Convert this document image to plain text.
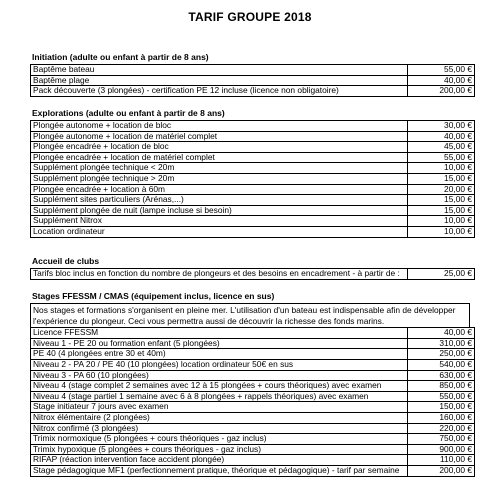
TARIF GROUPE 2018
Initiation (adulte ou enfant à partir de 8 ans)
Baptême bateau	55,00 €
Baptême plage	40,00 €
Pack découverte (3 plongées) - certification PE 12 incluse (licence non obligatoire)	200,00 €
Explorations (adulte ou enfant à partir de 8 ans)
Plongée autonome + location de bloc	30,00 €
Plongée autonome + location de matériel complet	40,00 €
Plongée encadrée + location de bloc	45,00 €
Plongée encadrée + location de matériel complet	55,00 €
Supplément plongée technique < 20m	10,00 €
Supplément plongée technique > 20m	15,00 €
Plongée encadrée + location à 60m	20,00 €
Supplément sites particuliers (Arénas,...)	15,00 €
Supplément plongée de nuit (lampe incluse si besoin)	15,00 €
Supplément Nitrox	10,00 €
Location ordinateur	10,00 €
Accueil de clubs
Tarifs bloc inclus en fonction du nombre de plongeurs et des besoins en encadrement - à partir de :	25,00 €
Stages FFESSM / CMAS (équipement inclus, licence en sus)
Nos stages et formations s'organisent en pleine mer. L'utilisation d'un bateau est indispensable afin de développer
l'expérience du plongeur. Ceci vous permettra aussi de découvrir la richesse des fonds marins.
Licence FFESSM	40,00 €
Niveau 1 - PE 20 ou formation enfant (5 plongées)	310,00 €
PE 40 (4 plongées entre 30 et 40m)	250,00 €
Niveau 2 - PA 20 / PE 40 (10 plongées) location ordinateur 50€ en sus	540,00 €
Niveau 3 - PA 60 (10 plongées)	630,00 €
Niveau 4 (stage complet 2 semaines avec 12 à 15 plongées + cours théoriques) avec examen	850,00 €
Niveau 4 (stage partiel 1 semaine avec 6 à 8 plongées + rappels théoriques) avec examen	550,00 €
Stage initiateur 7 jours avec examen	150,00 €
Nitrox élémentaire (2 plongées)	160,00 €
Nitrox confirmé (3 plongées)	220,00 €
Trimix normoxique (5 plongées + cours théoriques - gaz inclus)	750,00 €
Trimix hypoxique (5 plongées + cours théoriques - gaz inclus)	900,00 €
RIFAP (réaction intervention face accident plongée)	110,00 €
Stage pédagogique MF1 (perfectionnement pratique, théorique et pédagogique) - tarif par semaine	200,00 €
